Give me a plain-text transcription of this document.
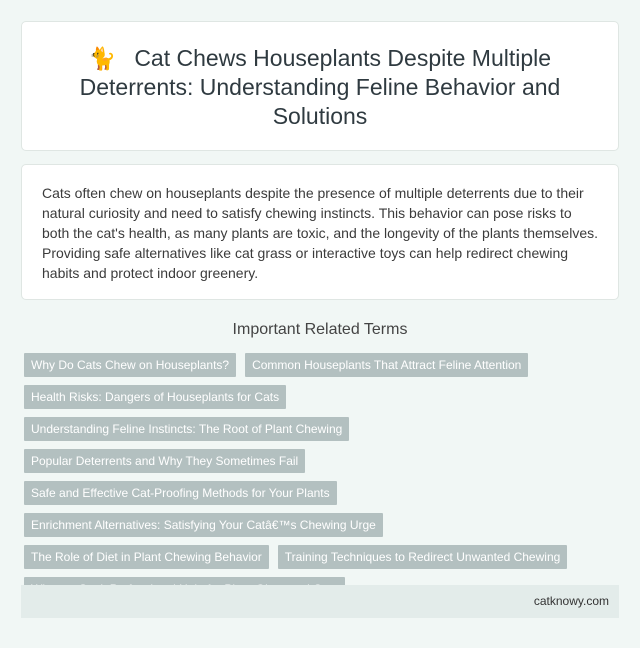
🐈 Cat Chews Houseplants Despite Multiple Deterrents: Understanding Feline Behavior and Solutions

Cats often chew on houseplants despite the presence of multiple deterrents due to their natural curiosity and need to satisfy chewing instincts. This behavior can pose risks to both the cat's health, as many plants are toxic, and the longevity of the plants themselves. Providing safe alternatives like cat grass or interactive toys can help redirect chewing habits and protect indoor greenery.

Important Related Terms
Why Do Cats Chew on Houseplants?	Common Houseplants That Attract Feline Attention
Health Risks: Dangers of Houseplants for Cats
Understanding Feline Instincts: The Root of Plant Chewing
Popular Deterrents and Why They Sometimes Fail
Safe and Effective Cat-Proofing Methods for Your Plants
Enrichment Alternatives: Satisfying Your Catâ€™s Chewing Urge
The Role of Diet in Plant Chewing Behavior	Training Techniques to Redirect Unwanted Chewing
catknowy.com
